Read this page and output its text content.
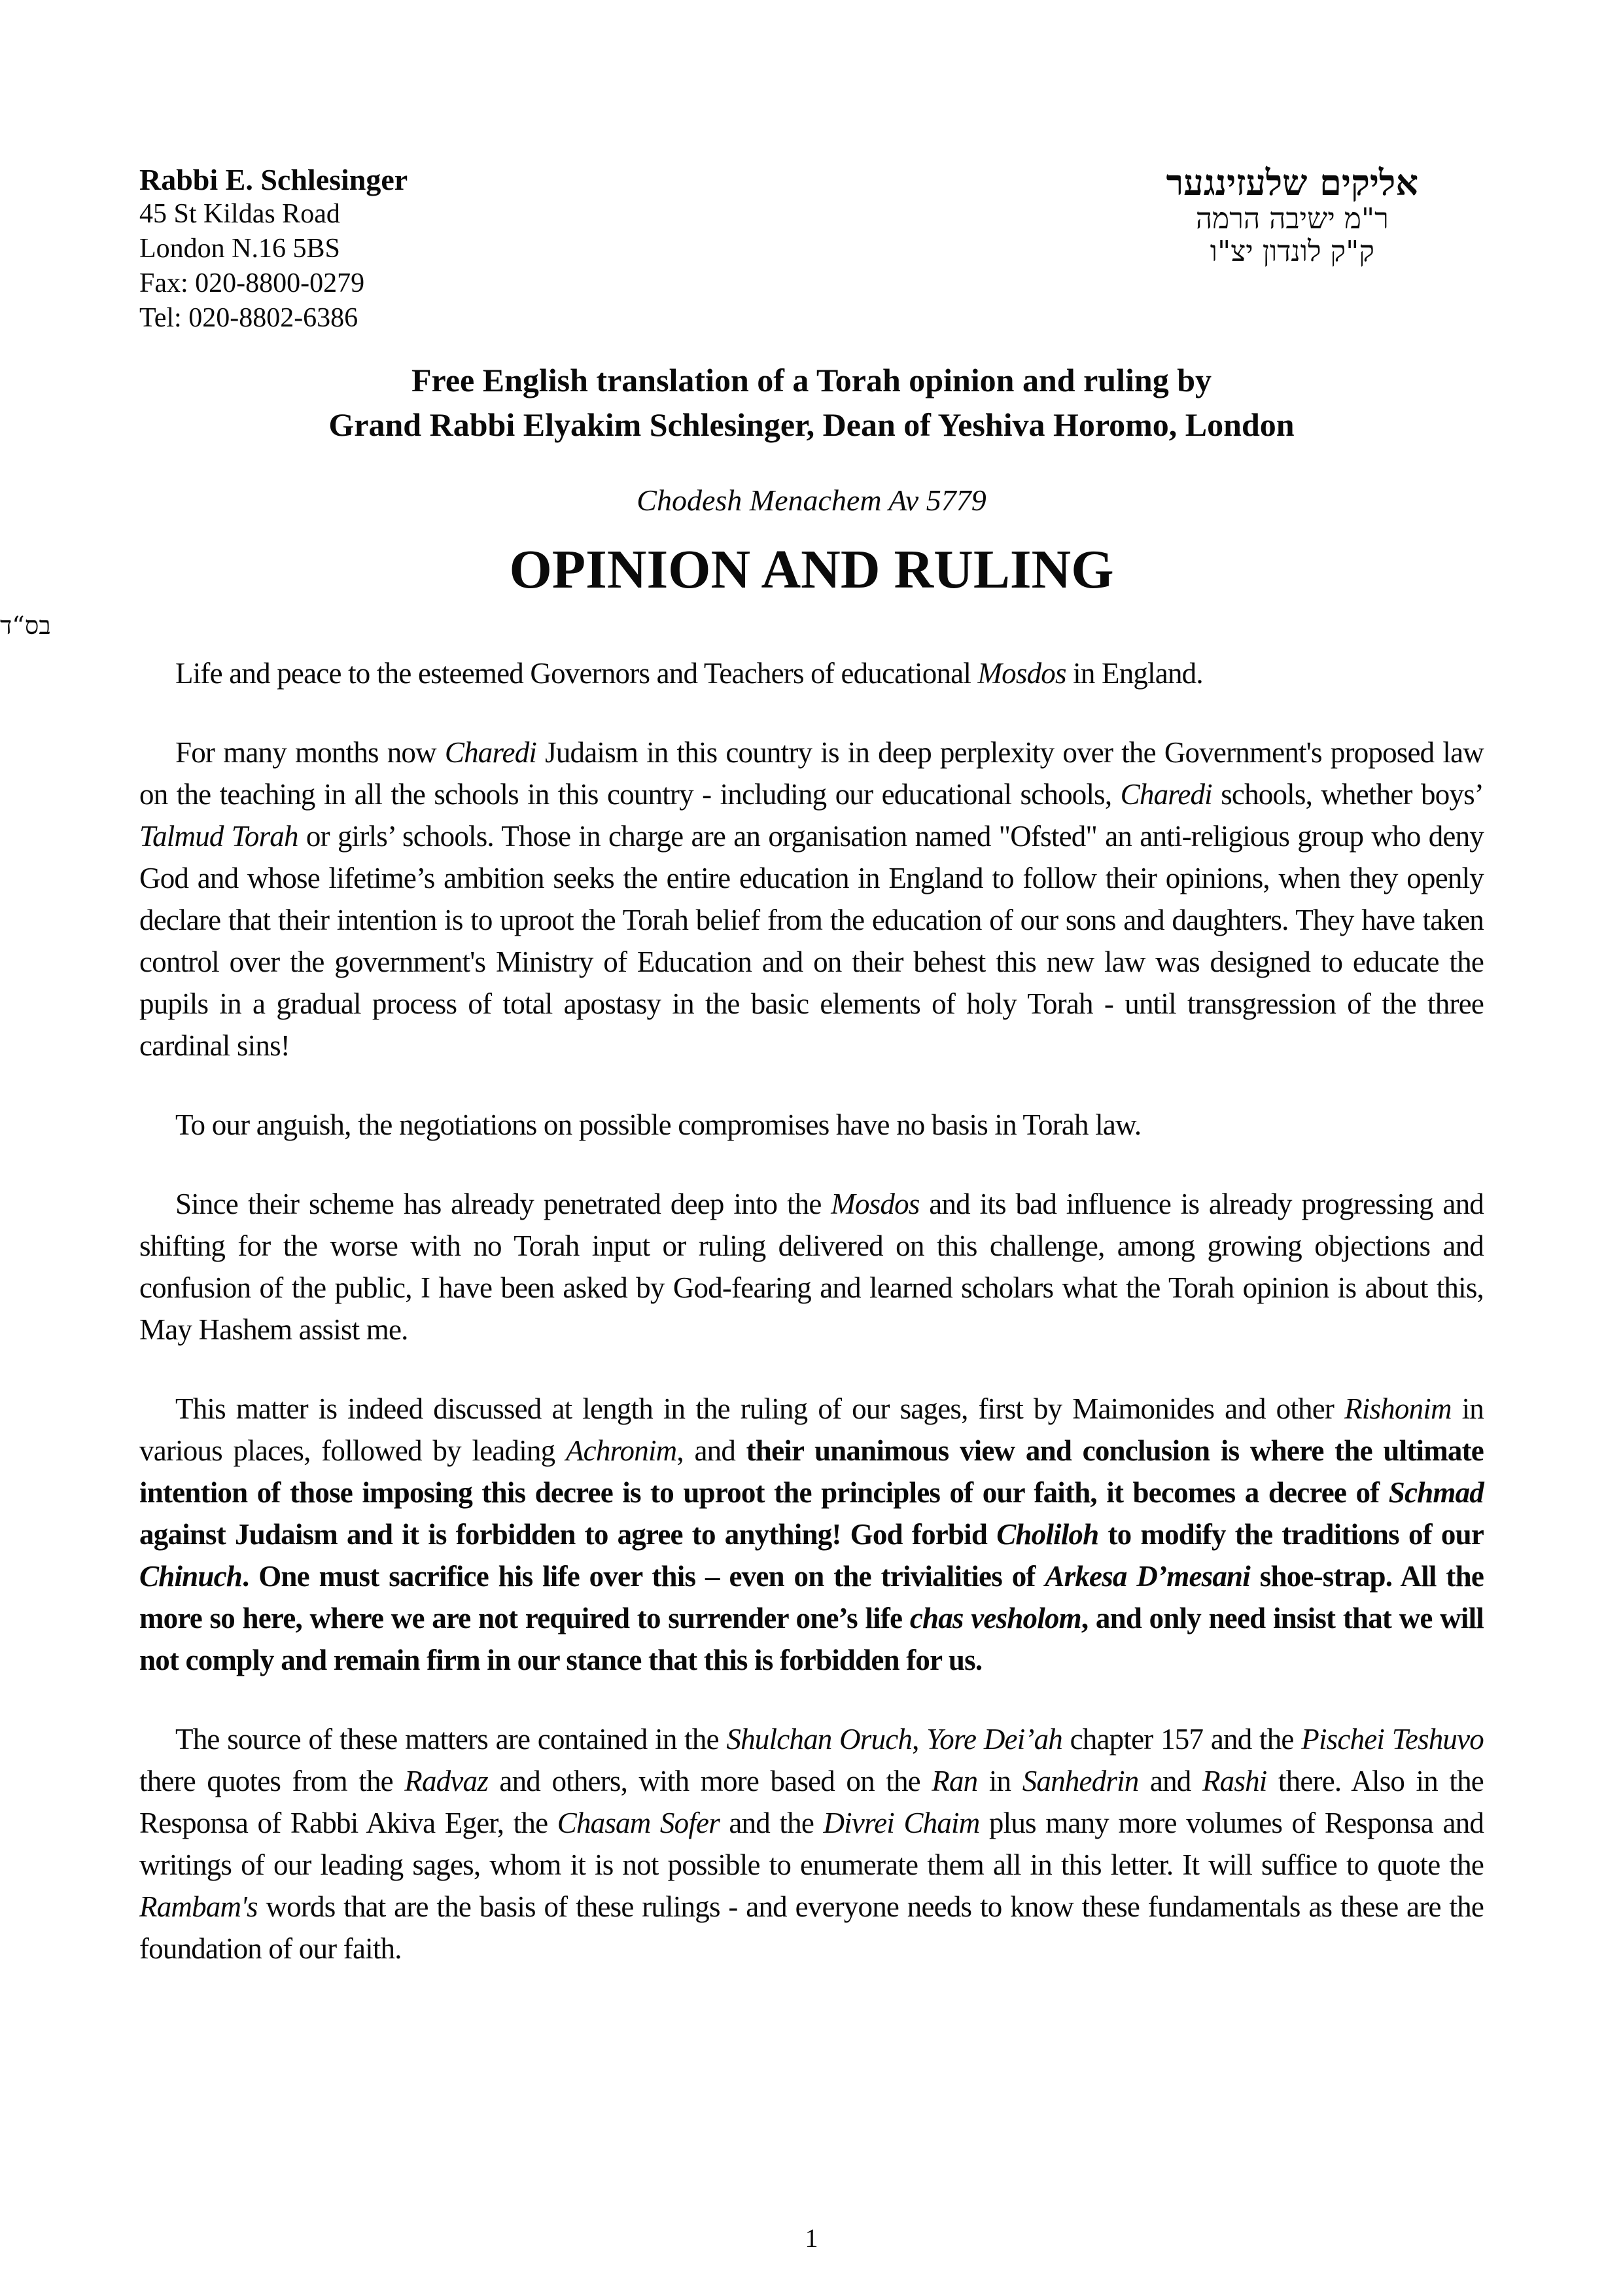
Rabbi E. Schlesinger
45 St Kildas Road
London N.16 5BS
Fax: 020-8800-0279
Tel: 020-8802-6386
אליקים שלעזינגער
ר"מ ישיבה הרמה
ק"ק לונדון יצ"ו
Free English translation of a Torah opinion and ruling by
Grand Rabbi Elyakim Schlesinger, Dean of Yeshiva Horomo, London
Chodesh Menachem Av 5779
OPINION AND RULING
בס“ד

Life and peace to the esteemed Governors and Teachers of educational Mosdos in England.

For many months now Charedi Judaism in this country is in deep perplexity over the Government's proposed law on the teaching in all the schools in this country - including our educational schools, Charedi schools, whether boys’ Talmud Torah or girls’ schools. Those in charge are an organisation named "Ofsted" an anti-religious group who deny God and whose lifetime’s ambition seeks the entire education in England to follow their opinions, when they openly declare that their intention is to uproot the Torah belief from the education of our sons and daughters. They have taken control over the government's Ministry of Education and on their behest this new law was designed to educate the pupils in a gradual process of total apostasy in the basic elements of holy Torah - until transgression of the three cardinal sins!

To our anguish, the negotiations on possible compromises have no basis in Torah law.

Since their scheme has already penetrated deep into the Mosdos and its bad influence is already progressing and shifting for the worse with no Torah input or ruling delivered on this challenge, among growing objections and confusion of the public, I have been asked by God-fearing and learned scholars what the Torah opinion is about this, May Hashem assist me.

This matter is indeed discussed at length in the ruling of our sages, first by Maimonides and other Rishonim in various places, followed by leading Achronim, and their unanimous view and conclusion is where the ultimate intention of those imposing this decree is to uproot the principles of our faith, it becomes a decree of Schmad against Judaism and it is forbidden to agree to anything! God forbid Choliloh to modify the traditions of our Chinuch. One must sacrifice his life over this – even on the trivialities of Arkesa D’mesani shoe-strap. All the more so here, where we are not required to surrender one’s life chas vesholom, and only need insist that we will not comply and remain firm in our stance that this is forbidden for us.

The source of these matters are contained in the Shulchan Oruch, Yore Dei’ah chapter 157 and the Pischei Teshuvo there quotes from the Radvaz and others, with more based on the Ran in Sanhedrin and Rashi there. Also in the Responsa of Rabbi Akiva Eger, the Chasam Sofer and the Divrei Chaim plus many more volumes of Responsa and writings of our leading sages, whom it is not possible to enumerate them all in this letter. It will suffice to quote the Rambam's words that are the basis of these rulings - and everyone needs to know these fundamentals as these are the foundation of our faith.

1
